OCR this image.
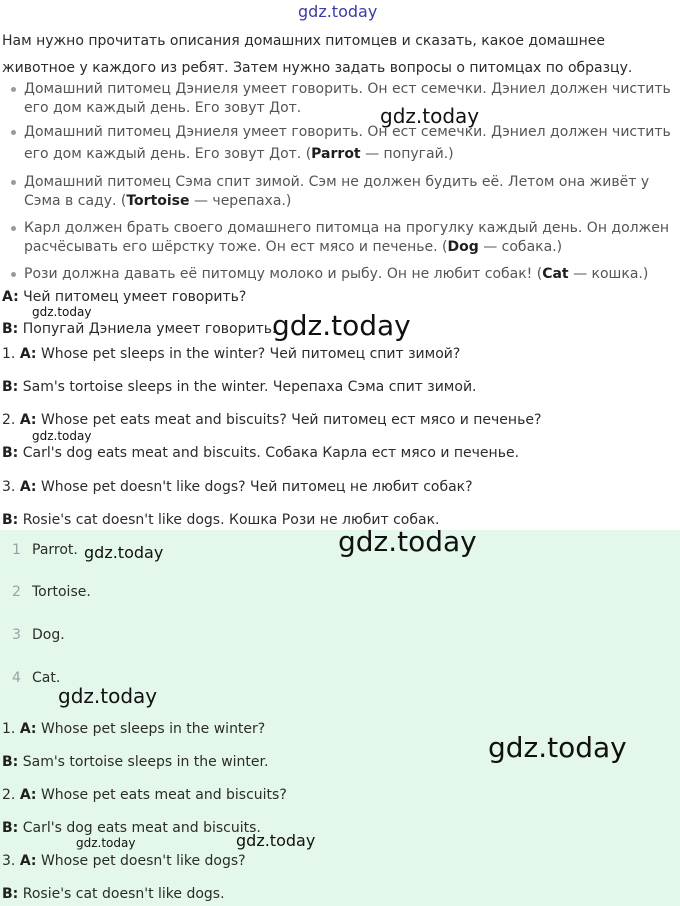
gdz.today
Нам нужно прочитать описания домашних питомцев и сказать, какое домашнее
животное у каждого из ребят. Затем нужно задать вопросы о питомцах по образцу.
Домашний питомец Дэниеля умеет говорить. Он ест семечки. Дэниел должен чистить
его дом каждый день. Его зовут Дот.
Домашний питомец Дэниеля умеет говорить. Он ест семечки. Дэниел должен чистить
его дом каждый день. Его зовут Дот. (Parrot — попугай.)
Домашний питомец Сэма спит зимой. Сэм не должен будить её. Летом она живёт у
Сэма в саду. (Tortoise — черепаха.)
Карл должен брать своего домашнего питомца на прогулку каждый день. Он должен
расчёсывать его шёрстку тоже. Он ест мясо и печенье. (Dog — собака.)
Рози должна давать её питомцу молоко и рыбу. Он не любит собак! (Cat — кошка.)
A: Чей питомец умеет говорить?
B: Попугай Дэниела умеет говорить.
1. A: Whose pet sleeps in the winter? Чей питомец спит зимой?
B: Sam's tortoise sleeps in the winter. Черепаха Сэма спит зимой.
2. A: Whose pet eats meat and biscuits? Чей питомец ест мясо и печенье?
B: Carl's dog eats meat and biscuits. Собака Карла ест мясо и печенье.
3. A: Whose pet doesn't like dogs? Чей питомец не любит собак?
B: Rosie's cat doesn't like dogs. Кошка Рози не любит собак.
1 Parrot.
2 Tortoise.
3 Dog.
4 Cat.
1. A: Whose pet sleeps in the winter?
B: Sam's tortoise sleeps in the winter.
2. A: Whose pet eats meat and biscuits?
B: Carl's dog eats meat and biscuits.
3. A: Whose pet doesn't like dogs?
B: Rosie's cat doesn't like dogs.
gdz.today
gdz.today	gdz.today
gdz.today
gdz.today
gdz.today
gdz.today
gdz.today
gdz.today
gdz.today
